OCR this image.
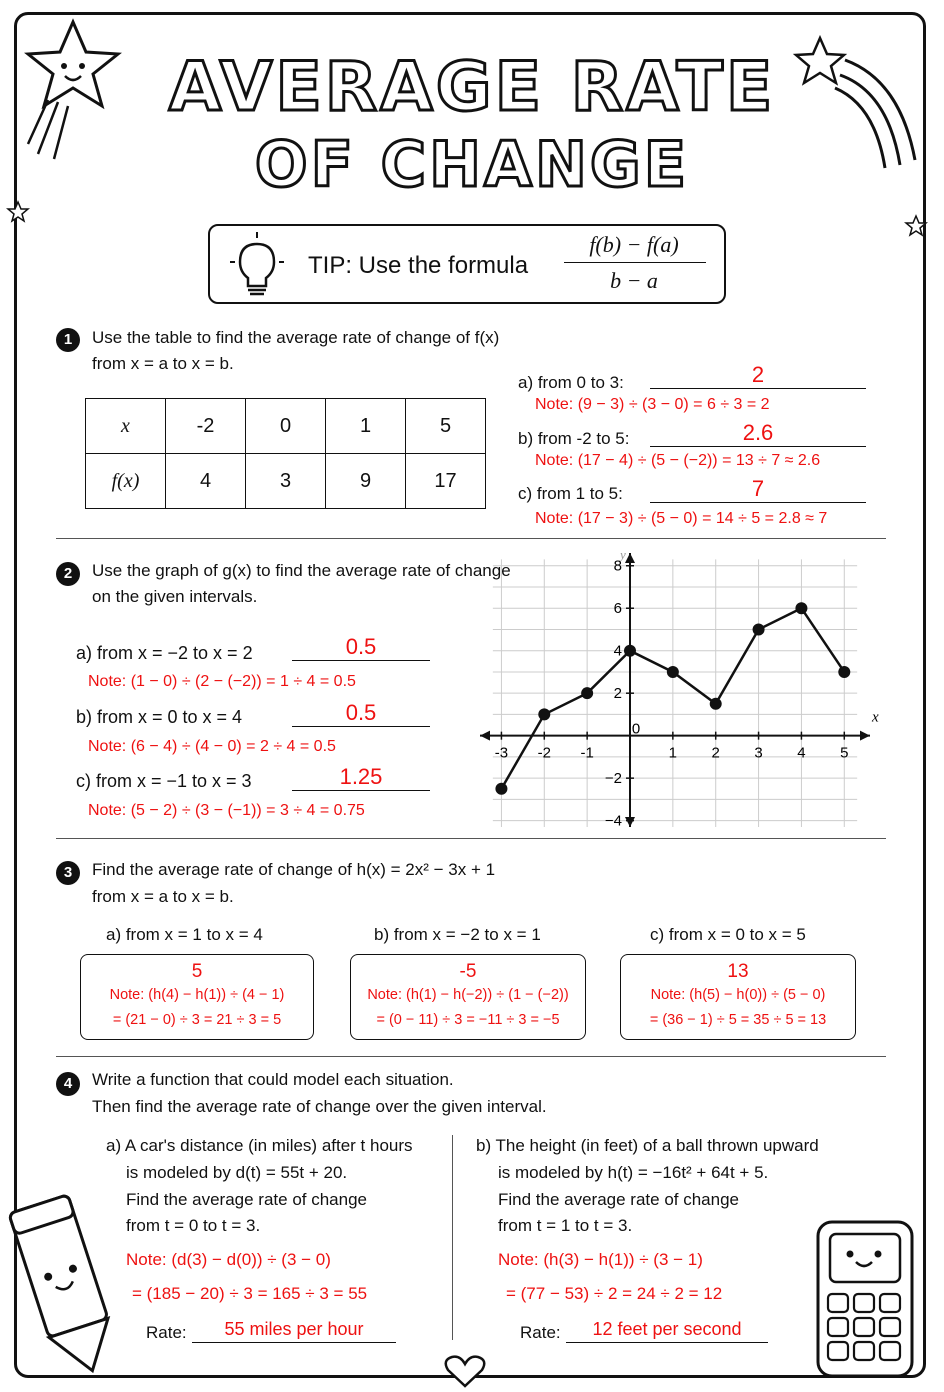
AVERAGE RATE
OF CHANGE
TIP: Use the formula
f(b) − f(a)
b − a
1	Use the table to find the average rate of change of f(x)
from x = a to x = b.
x	-2	0	1	5
f(x)	4	3	9	17
a) from 0 to 3:	2
Note: (9 − 3) ÷ (3 − 0) = 6 ÷ 3 = 2
b) from -2 to 5:	2.6
Note: (17 − 4) ÷ (5 − (−2)) = 13 ÷ 7 ≈ 2.6
c) from 1 to 5:	7
Note: (17 − 3) ÷ (5 − 0) = 14 ÷ 5 = 2.8 ≈ 7
2	Use the graph of g(x) to find the average rate of change
on the given intervals.
a) from x = −2 to x = 2	0.5
Note: (1 − 0) ÷ (2 − (−2)) = 1 ÷ 4 = 0.5
b) from x = 0 to x = 4	0.5
Note: (6 − 4) ÷ (4 − 0) = 2 ÷ 4 = 0.5
c) from x = −1 to x = 3	1.25
Note: (5 − 2) ÷ (3 − (−1)) = 3 ÷ 4 = 0.75
x
y
-3 -2 -1
0
1 2 3 4 5
8
6
4
2
−2
−4
3	Find the average rate of change of h(x) = 2x² − 3x + 1
from x = a to x = b.
a) from x = 1 to x = 4
5
Note: (h(4) − h(1)) ÷ (4 − 1)
= (21 − 0) ÷ 3 = 21 ÷ 3 = 5
b) from x = −2 to x = 1
-5
Note: (h(1) − h(−2)) ÷ (1 − (−2))
= (0 − 11) ÷ 3 = −11 ÷ 3 = −5
c) from x = 0 to x = 5
13
Note: (h(5) − h(0)) ÷ (5 − 0)
= (36 − 1) ÷ 5 = 35 ÷ 5 = 13
4	Write a function that could model each situation.
Then find the average rate of change over the given interval.
a) A car's distance (in miles) after t hours
is modeled by d(t) = 55t + 20.
Find the average rate of change
from t = 0 to t = 3.
Note: (d(3) − d(0)) ÷ (3 − 0)
= (185 − 20) ÷ 3 = 165 ÷ 3 = 55
Rate:	55 miles per hour
b) The height (in feet) of a ball thrown upward
is modeled by h(t) = −16t² + 64t + 5.
Find the average rate of change
from t = 1 to t = 3.
Note: (h(3) − h(1)) ÷ (3 − 1)
= (77 − 53) ÷ 2 = 24 ÷ 2 = 12
Rate:	12 feet per second
